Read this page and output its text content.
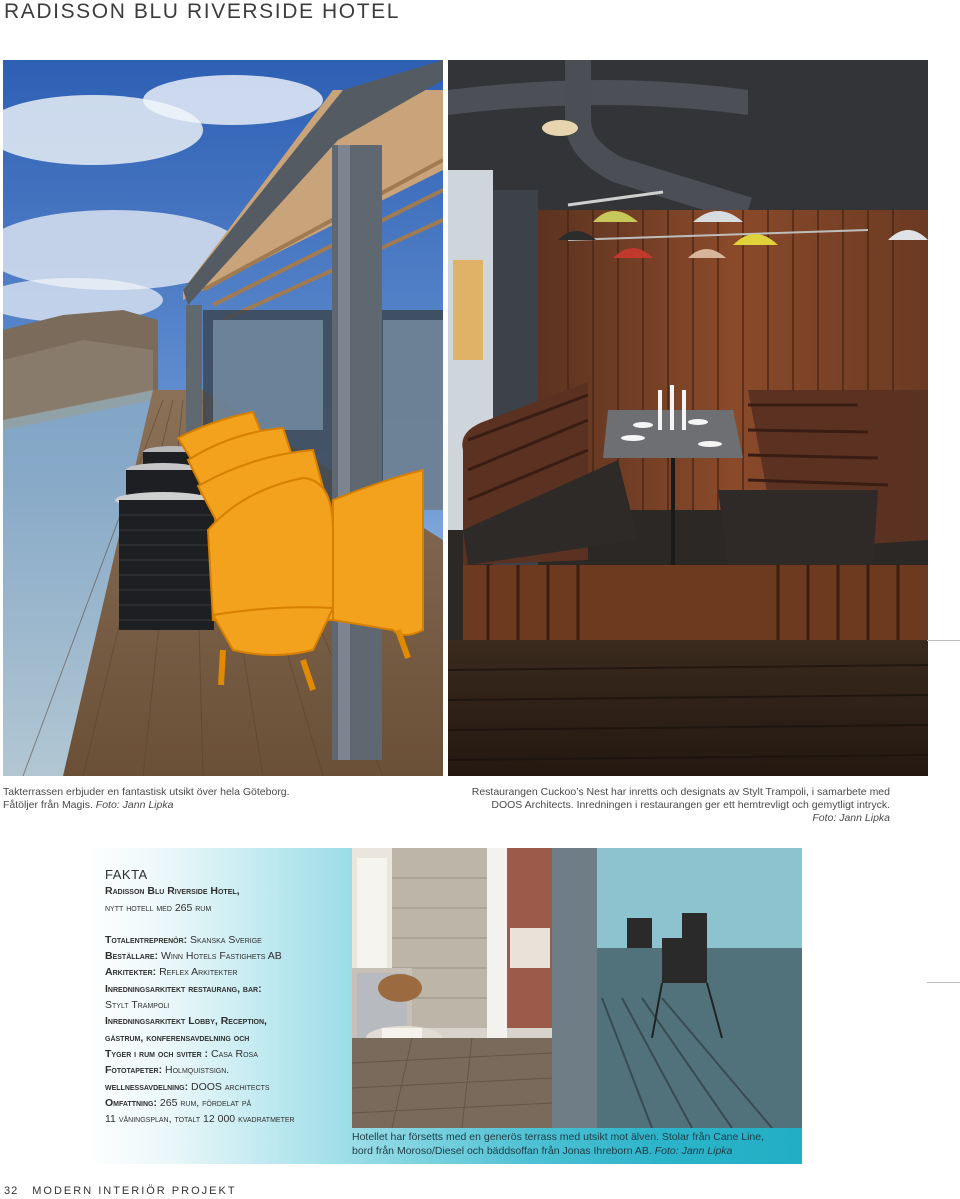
RADISSON BLU RIVERSIDE HOTEL
Takterrassen erbjuder en fantastisk utsikt över hela Göteborg.
Fåtöljer från Magis. Foto: Jann Lipka
Restaurangen Cuckoo’s Nest har inretts och designats av Stylt Trampoli, i samarbete med
DOOS Architects. Inredningen i restaurangen ger ett hemtrevligt och gemytligt intryck.
Foto: Jann Lipka
FAKTA
Radisson Blu Riverside Hotel,
nytt hotell med 265 rum
Totalentreprenör: Skanska Sverige
Beställare: Winn Hotels Fastighets AB
Arkitekter: Reflex Arkitekter
Inredningsarkitekt restaurang, bar:
Stylt Trampoli
Inredningsarkitekt Lobby, Reception,
gästrum, konferensavdelning och
Tyger i rum och sviter : Casa Rosa
Fototapeter: Holmquistsign.
wellnessavdelning: DOOS architects
Omfattning: 265 rum, fördelat på
11 våningsplan, totalt 12 000 kvadratmeter
Hotellet har försetts med en generös terrass med utsikt mot älven. Stolar från Cane Line,
bord från Moroso/Diesel och bäddsoffan från Jonas Ihreborn AB. Foto: Jann Lipka
32 MODERN INTERIÖR PROJEKT
